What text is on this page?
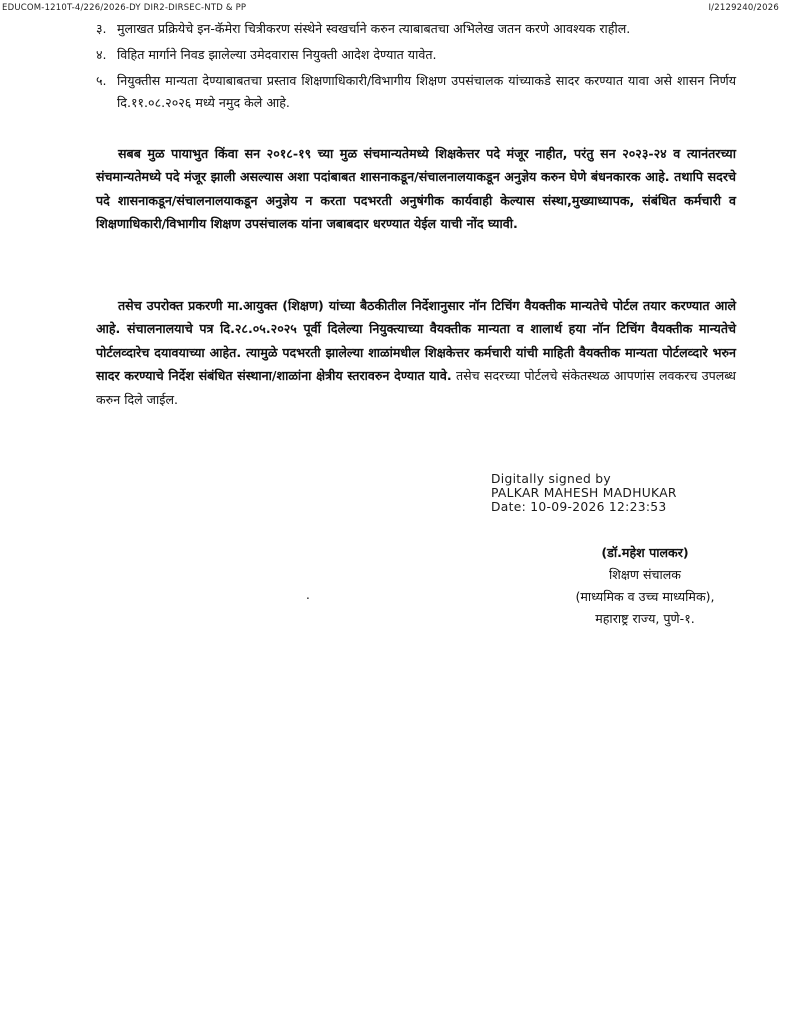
EDUCOM-1210T-4/226/2026-DY DIR2-DIRSEC-NTD & PP	I/2129240/2026
३. मुलाखत प्रक्रियेचे इन-कॅमेरा चित्रीकरण संस्थेने स्वखर्चाने करुन त्याबाबतचा अभिलेख जतन करणे आवश्यक राहील.
४. विहित मार्गाने निवड झालेल्या उमेदवारास नियुक्ती आदेश देण्यात यावेत.
५. नियुक्तीस मान्यता देण्याबाबतचा प्रस्ताव शिक्षणाधिकारी/विभागीय शिक्षण उपसंचालक यांच्याकडे सादर करण्यात यावा असे शासन निर्णय दि.११.०८.२०२६ मध्ये नमुद केले आहे.
सबब मुळ पायाभुत किंवा सन २०१८-१९ च्या मुळ संचमान्यतेमध्ये शिक्षकेत्तर पदे मंजूर नाहीत, परंतु सन २०२३-२४ व त्यानंतरच्या संचमान्यतेमध्ये पदे मंजूर झाली असल्यास अशा पदांबाबत शासनाकडून/संचालनालयाकडून अनुज्ञेय करुन घेणे बंधनकारक आहे. तथापि सदरचे पदे शासनाकडून/संचालनालयाकडून अनुज्ञेय न करता पदभरती अनुषंगीक कार्यवाही केल्यास संस्था,मुख्याध्यापक, संबंधित कर्मचारी व शिक्षणाधिकारी/विभागीय शिक्षण उपसंचालक यांना जबाबदार धरण्यात येईल याची नोंद घ्यावी.
तसेच उपरोक्त प्रकरणी मा.आयुक्त (शिक्षण) यांच्या बैठकीतील निर्देशानुसार नॉन टिचिंग वैयक्तीक मान्यतेचे पोर्टल तयार करण्यात आले आहे. संचालनालयाचे पत्र दि.२८.०५.२०२५ पूर्वी दिलेल्या नियुक्त्याच्या वैयक्तीक मान्यता व शालार्थ हया नॉन टिचिंग वैयक्तीक मान्यतेचे पोर्टलव्दारेच दयावयाच्या आहेत. त्यामुळे पदभरती झालेल्या शाळांमधील शिक्षकेत्तर कर्मचारी यांची माहिती वैयक्तीक मान्यता पोर्टलव्दारे भरुन सादर करण्याचे निर्देश संबंधित संस्थाना/शाळांना क्षेत्रीय स्तरावरुन देण्यात यावे. तसेच सदरच्या पोर्टलचे संकेतस्थळ आपणांस लवकरच उपलब्ध करुन दिले जाईल.
Digitally signed by
PALKAR MAHESH MADHUKAR
Date: 10-09-2026 12:23:53
.
(डॉ.महेश पालकर)
शिक्षण संचालक
(माध्यमिक व उच्च माध्यमिक),
महाराष्ट्र राज्य, पुणे-१.
